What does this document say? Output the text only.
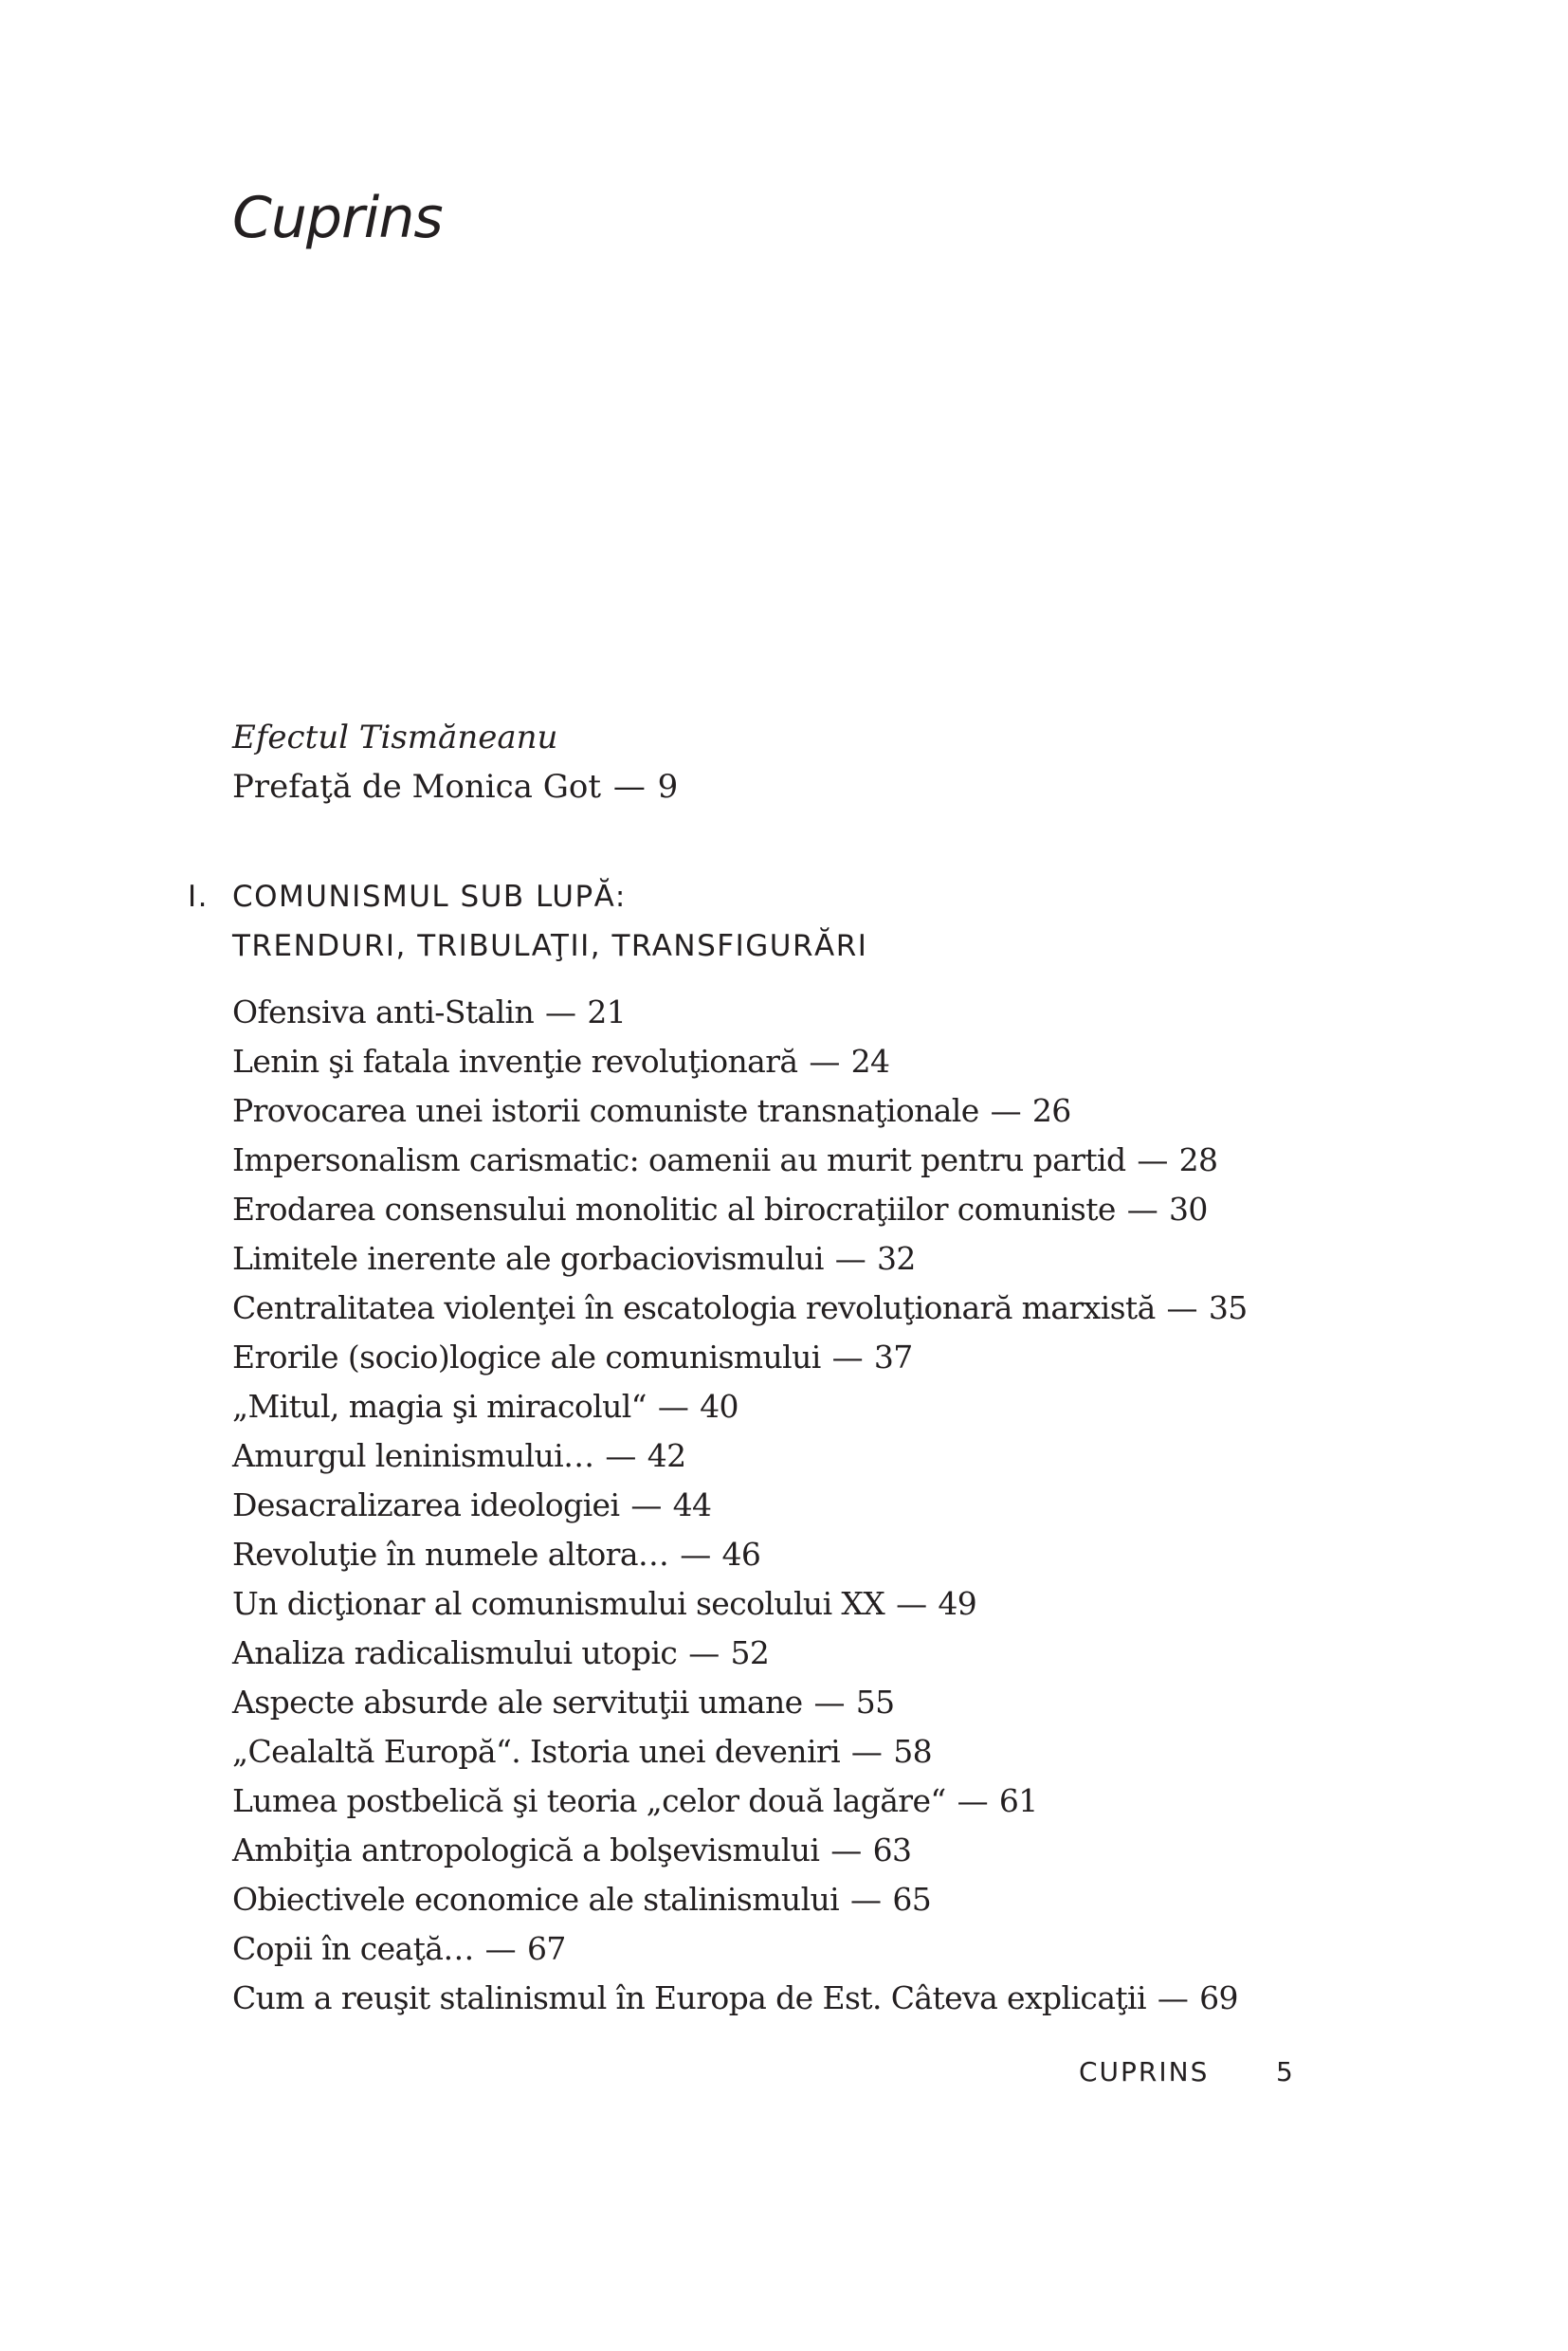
Cuprins
Efectul Tismăneanu
Prefaţă de Monica Got — 9
I. COMUNISMUL SUB LUPĂ:
TRENDURI, TRIBULAŢII, TRANSFIGURĂRI
Ofensiva anti-Stalin — 21
Lenin şi fatala invenţie revoluţionară — 24
Provocarea unei istorii comuniste transnaţionale — 26
Impersonalism carismatic: oamenii au murit pentru partid — 28
Erodarea consensului monolitic al birocraţiilor comuniste — 30
Limitele inerente ale gorbaciovismului — 32
Centralitatea violenţei în escatologia revoluţionară marxistă — 35
Erorile (socio)logice ale comunismului — 37
„Mitul, magia şi miracolul“ — 40
Amurgul leninismului… — 42
Desacralizarea ideologiei — 44
Revoluţie în numele altora… — 46
Un dicţionar al comunismului secolului XX — 49
Analiza radicalismului utopic — 52
Aspecte absurde ale servituţii umane — 55
„Cealaltă Europă“. Istoria unei deveniri — 58
Lumea postbelică şi teoria „celor două lagăre“ — 61
Ambiţia antropologică a bolşevismului — 63
Obiectivele economice ale stalinismului — 65
Copii în ceaţă… — 67
Cum a reuşit stalinismul în Europa de Est. Câteva explicaţii — 69
CUPRINS	5
